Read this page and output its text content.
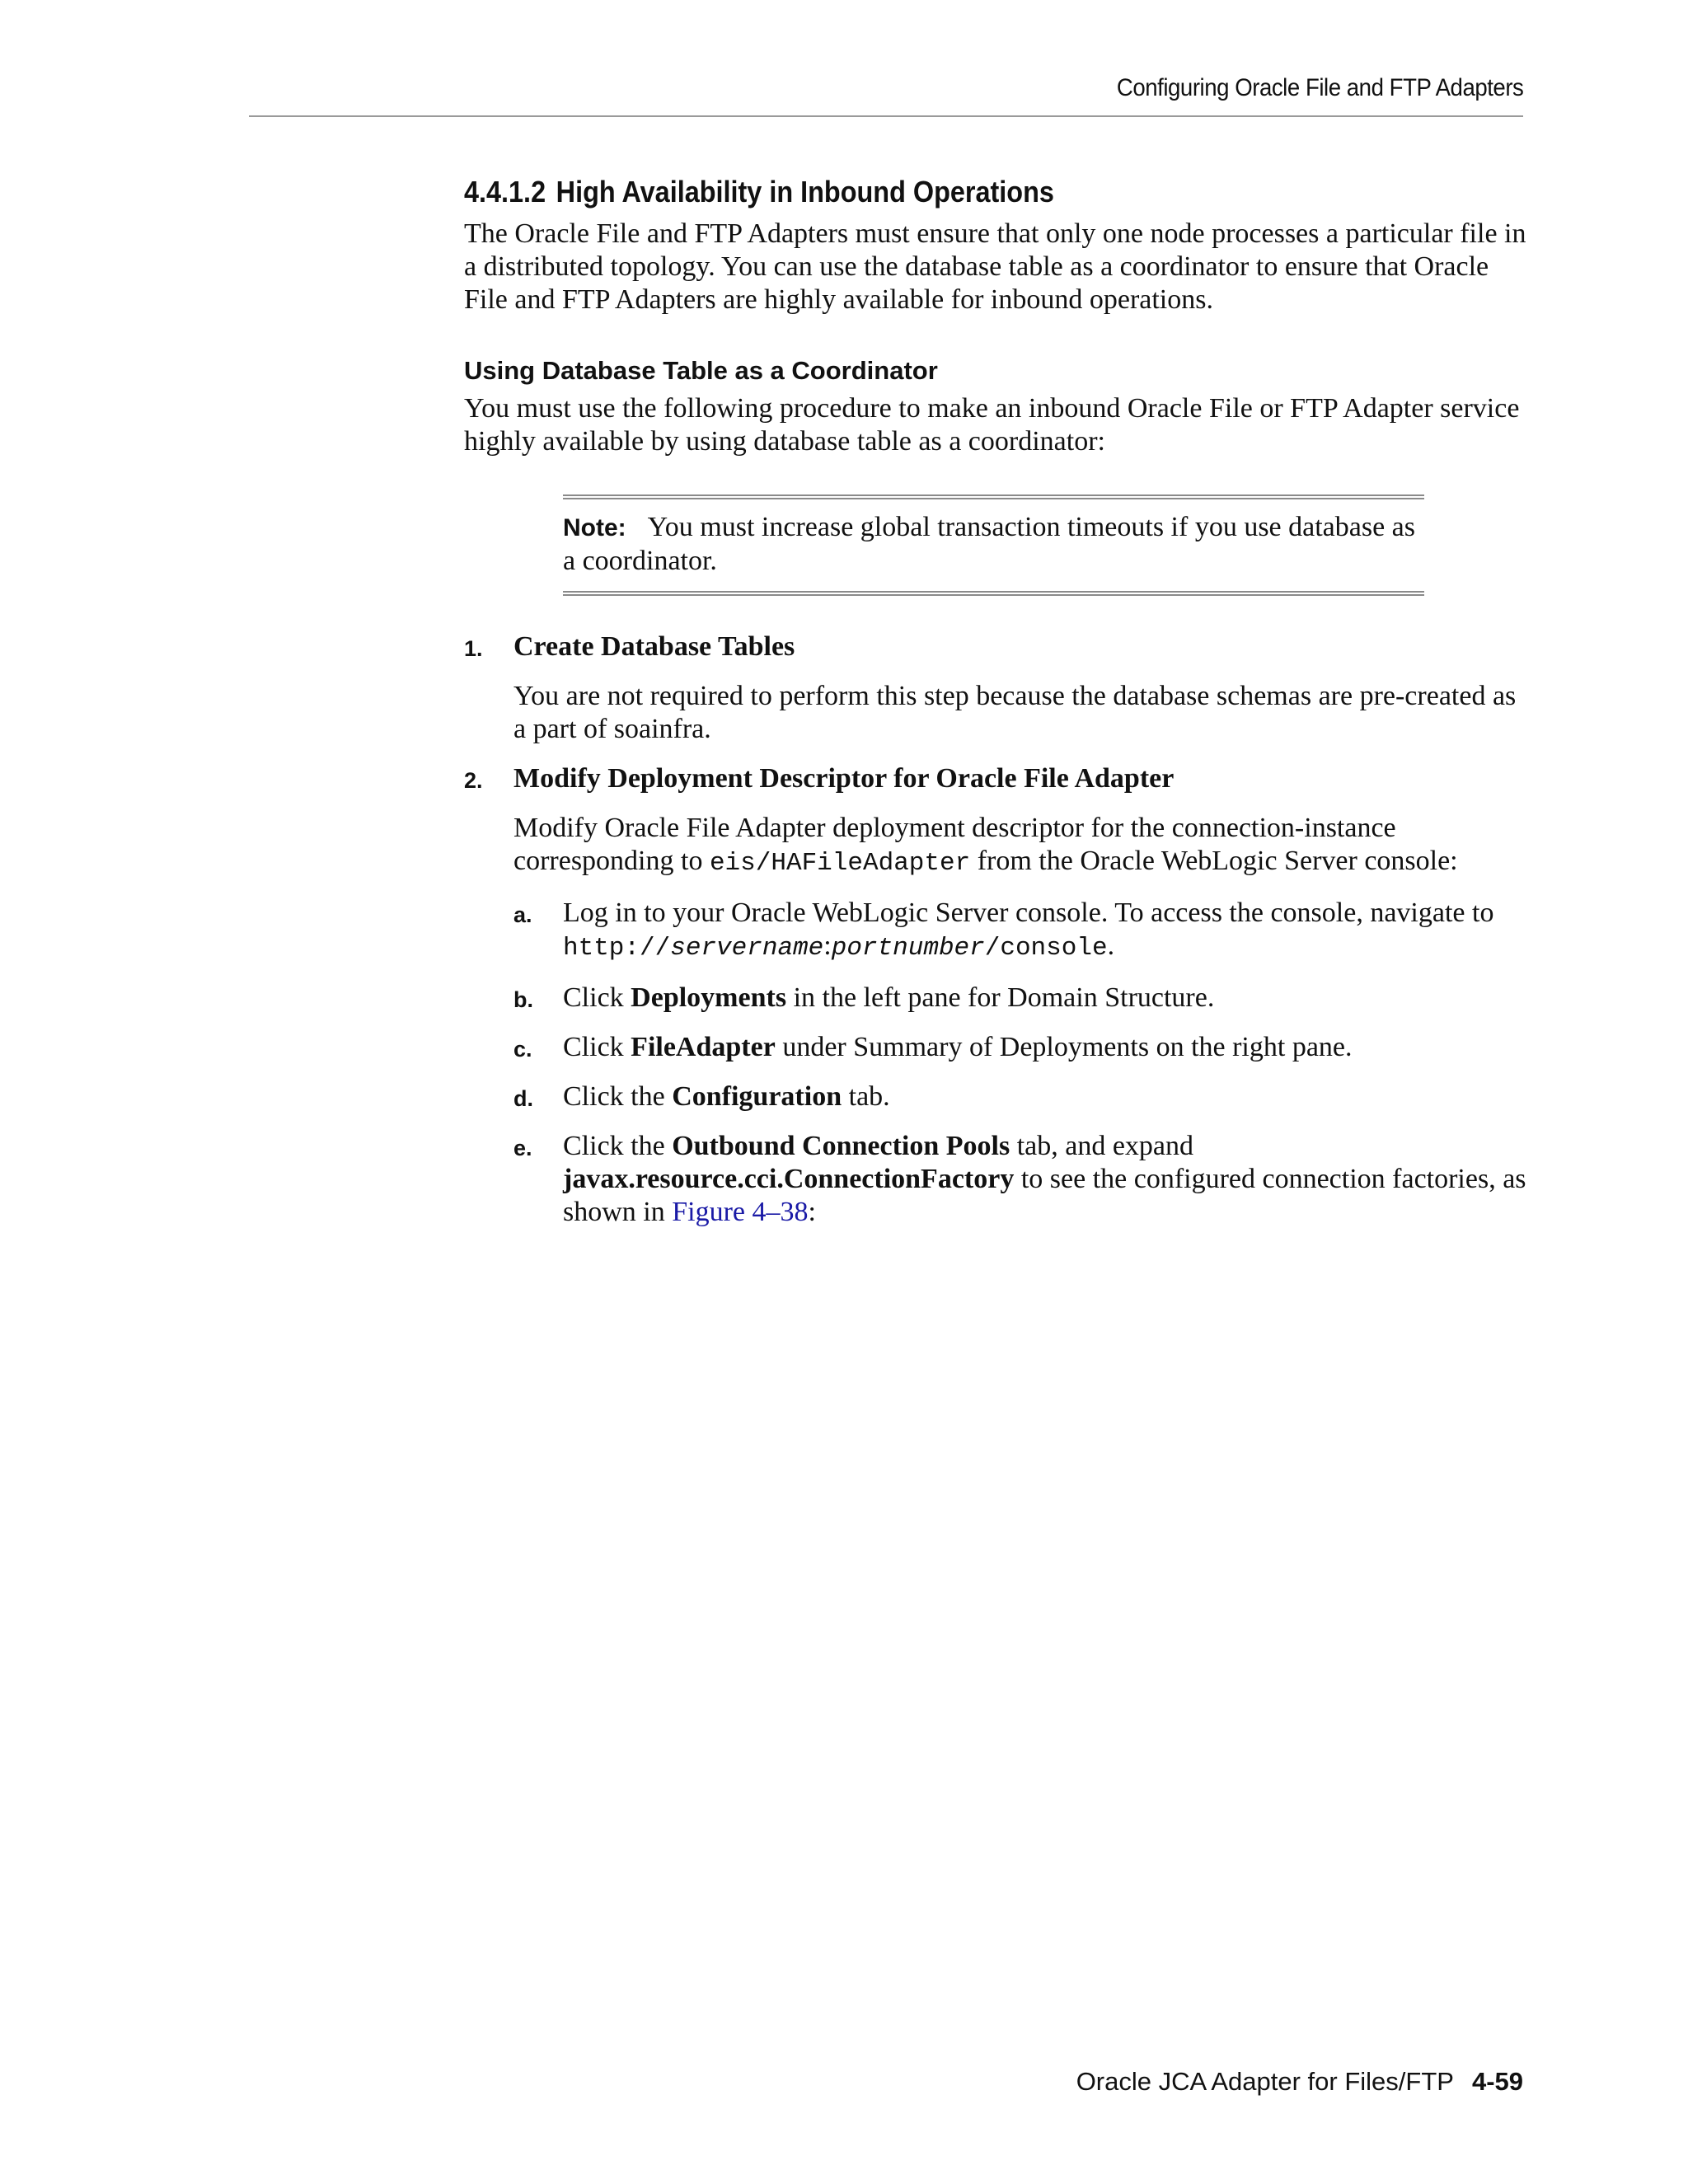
Configuring Oracle File and FTP Adapters
4.4.1.2 High Availability in Inbound Operations

The Oracle File and FTP Adapters must ensure that only one node processes a particular file in a distributed topology. You can use the database table as a coordinator to ensure that Oracle File and FTP Adapters are highly available for inbound operations.

Using Database Table as a Coordinator

You must use the following procedure to make an inbound Oracle File or FTP Adapter service highly available by using database table as a coordinator:

Note: You must increase global transaction timeouts if you use database as a coordinator.
1. Create Database Tables
You are not required to perform this step because the database schemas are pre-created as a part of soainfra.
2. Modify Deployment Descriptor for Oracle File Adapter
Modify Oracle File Adapter deployment descriptor for the connection-instance corresponding to eis/HAFileAdapter from the Oracle WebLogic Server console:
a. Log in to your Oracle WebLogic Server console. To access the console, navigate to http://servername:portnumber/console.
b. Click Deployments in the left pane for Domain Structure.
c. Click FileAdapter under Summary of Deployments on the right pane.
d. Click the Configuration tab.
e. Click the Outbound Connection Pools tab, and expand javax.resource.cci.ConnectionFactory to see the configured connection factories, as shown in Figure 4–38:
Oracle JCA Adapter for Files/FTP 4-59
